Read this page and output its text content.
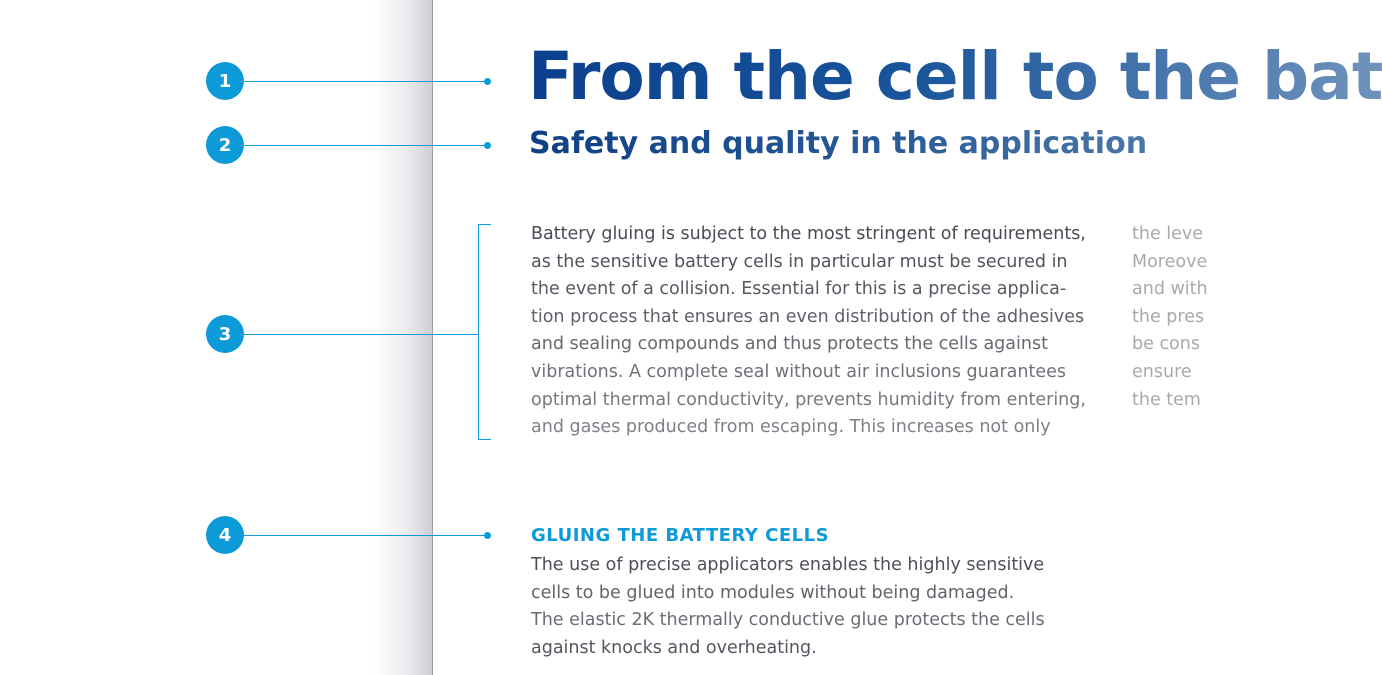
1
2
3
4
From the cell to the bat
Safety and quality in the application
Battery gluing is subject to the most stringent of requirements,
as the sensitive battery cells in particular must be secured in
the event of a collision. Essential for this is a precise applica-
tion process that ensures an even distribution of the adhesives
and sealing compounds and thus protects the cells against
vibrations. A complete seal without air inclusions guarantees
optimal thermal conductivity, prevents humidity from entering,
and gases produced from escaping. This increases not only
the leve
Moreove
and with
the pres
be cons
ensure
the tem
GLUING THE BATTERY CELLS
The use of precise applicators enables the highly sensitive
cells to be glued into modules without being damaged.
The elastic 2K thermally conductive glue protects the cells
against knocks and overheating.
